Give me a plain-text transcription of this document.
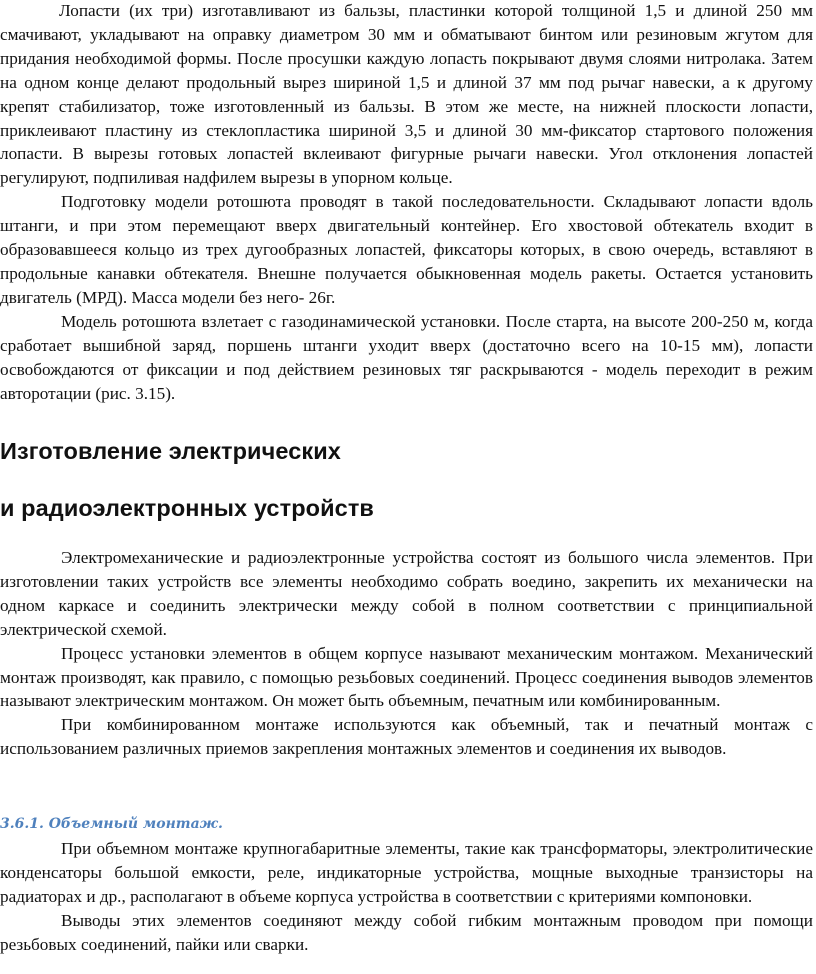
Лопасти (их три) изготавливают из бальзы, пластинки которой толщиной 1,5 и длиной 250 мм смачивают, укладывают на оправку диаметром 30 мм и обматывают бинтом или резиновым жгутом для придания необходимой формы. После просушки каждую лопасть покрывают двумя слоями нитролака. Затем на одном конце делают продольный вырез шириной 1,5 и длиной 37 мм под рычаг навески, а к другому крепят стабилизатор, тоже изготовленный из бальзы. В этом же месте, на нижней плоскости лопасти, приклеивают пластину из стеклопластика шириной 3,5 и длиной 30 мм-фиксатор стартового положения лопасти. В вырезы готовых лопастей вклеивают фигурные рычаги навески. Угол отклонения лопастей регулируют, подпиливая надфилем вырезы в упорном кольце.

Подготовку модели ротошюта проводят в такой последовательности. Складывают лопасти вдоль штанги, и при этом перемещают вверх двигательный контейнер. Его хвостовой обтекатель входит в образовавшееся кольцо из трех дугообразных лопастей, фиксаторы которых, в свою очередь, вставляют в продольные канавки обтекателя. Внешне получается обыкновенная модель ракеты. Остается установить двигатель (МРД). Масса модели без него- 26г.

Модель ротошюта взлетает с газодинамической установки. После старта, на высоте 200-250 м, когда сработает вышибной заряд, поршень штанги уходит вверх (достаточно всего на 10-15 мм), лопасти освобождаются от фиксации и под действием резиновых тяг раскрываются - модель переходит в режим авторотации (рис. 3.15).

Изготовление электрических
и радиоэлектронных устройств

Электромеханические и радиоэлектронные устройства состоят из большого числа элементов. При изготовлении таких устройств все элементы необходимо собрать воедино, закрепить их механически на одном каркасе и соединить электрически между собой в полном соответствии с принципиальной электрической схемой.

Процесс установки элементов в общем корпусе называют механическим монтажом. Механический монтаж производят, как правило, с помощью резьбовых соединений. Процесс соединения выводов элементов называют электрическим монтажом. Он может быть объемным, печатным или комбинированным.

При комбинированном монтаже используются как объемный, так и печатный монтаж с использованием различных приемов закрепления монтажных элементов и соединения их выводов.

3.6.1. Объемный монтаж.

При объемном монтаже крупногабаритные элементы, такие как трансформаторы, электролитические конденсаторы большой емкости, реле, индикаторные устройства, мощные выходные транзисторы на радиаторах и др., располагают в объеме корпуса устройства в соответствии с критериями компоновки.

Выводы этих элементов соединяют между собой гибким монтажным проводом при помощи резьбовых соединений, пайки или сварки.
